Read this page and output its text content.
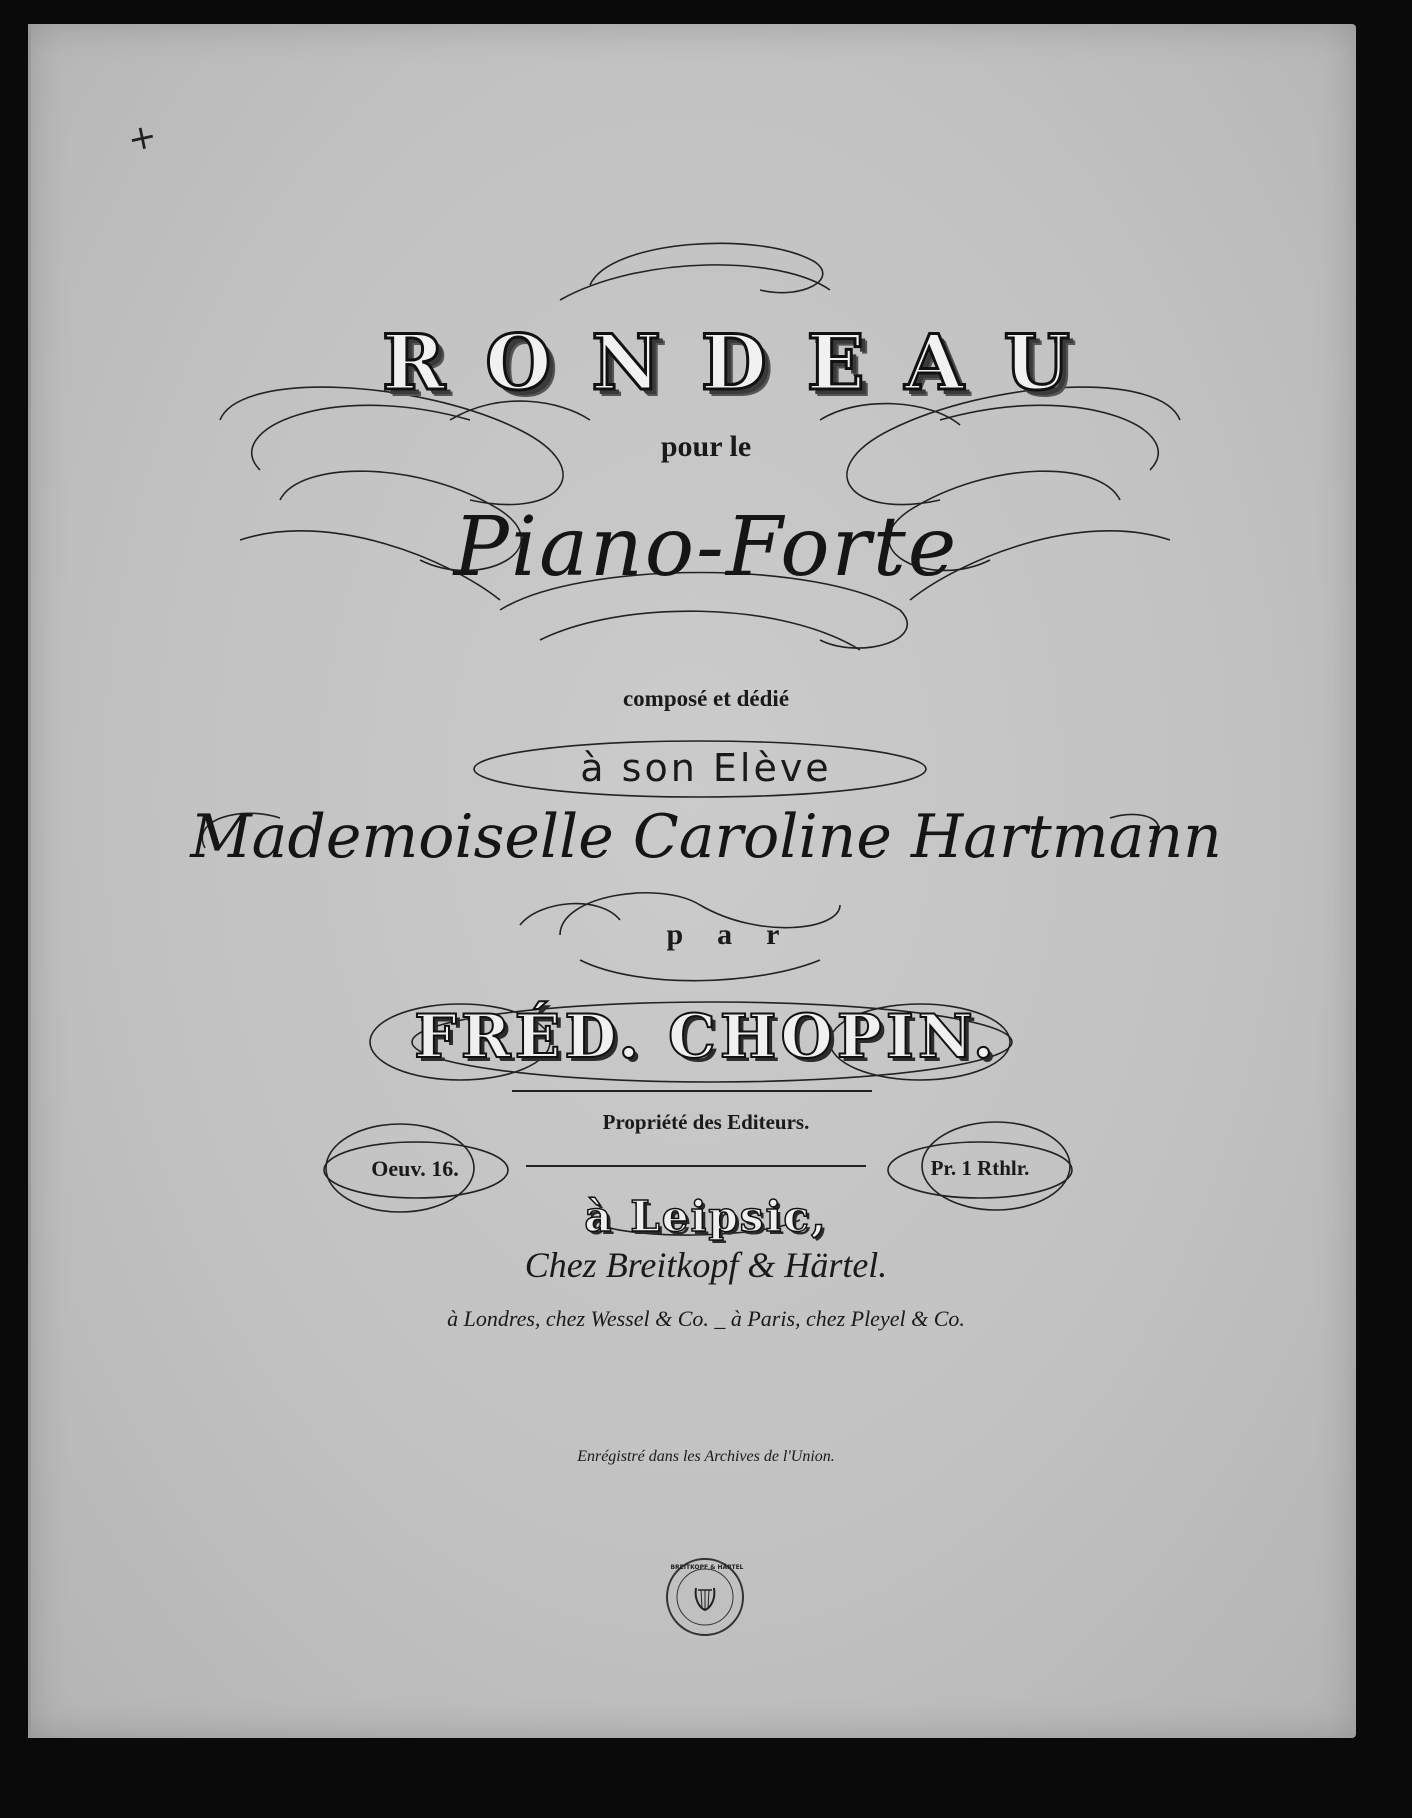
+
RONDEAU
pour le
Piano-Forte
composé et dédié
à son Elève
Mademoiselle Caroline Hartmann
par
FRÉD. CHOPIN.
Propriété des Editeurs.
Oeuv. 16.	Pr. 1 Rthlr.
à Leipsic,
Chez Breitkopf & Härtel.
à Londres, chez Wessel & Co. _ à Paris, chez Pleyel & Co.
Enrégistré dans les Archives de l'Union.
BREITKOPF & HÄRTEL
